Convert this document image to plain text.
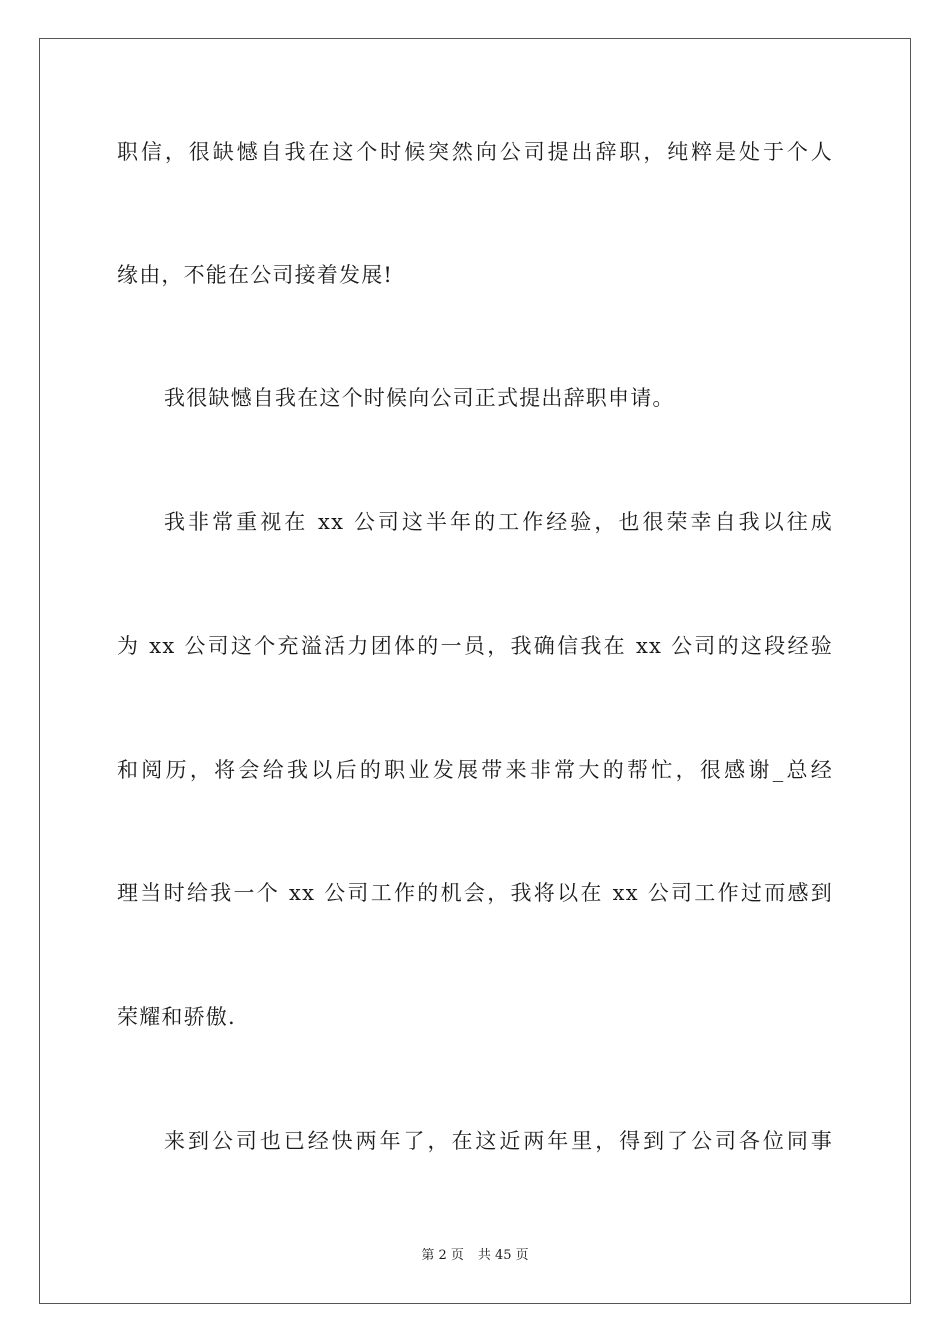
职信，很缺憾自我在这个时候突然向公司提出辞职，纯粹是处于个人
缘由，不能在公司接着发展!
我很缺憾自我在这个时候向公司正式提出辞职申请。
我非常重视在 xx 公司这半年的工作经验，也很荣幸自我以往成
为 xx 公司这个充溢活力团体的一员，我确信我在 xx 公司的这段经验
和阅历，将会给我以后的职业发展带来非常大的帮忙，很感谢_总经
理当时给我一个 xx 公司工作的机会，我将以在 xx 公司工作过而感到
荣耀和骄傲.
来到公司也已经快两年了，在这近两年里，得到了公司各位同事
第 2 页 共 45 页
